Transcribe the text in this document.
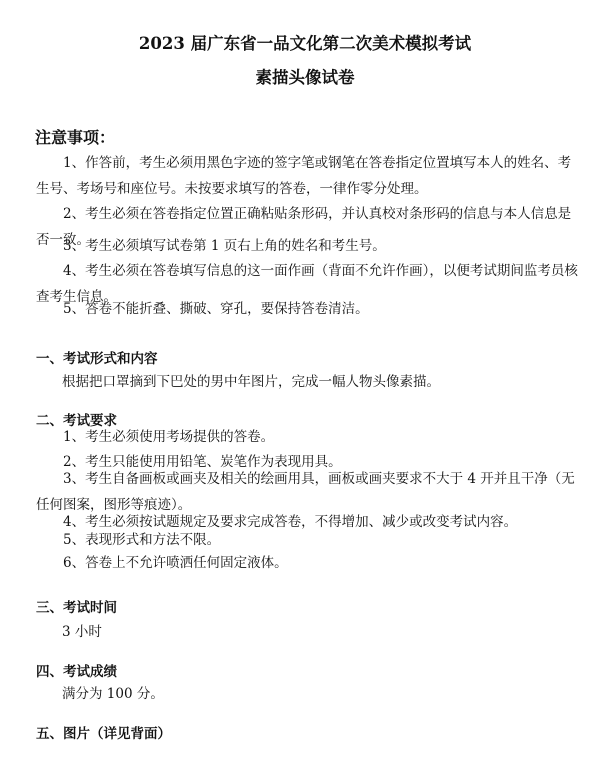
2023 届广东省一品文化第二次美术模拟考试
素描头像试卷
注意事项：
1、作答前，考生必须用黑色字迹的签字笔或钢笔在答卷指定位置填写本人的姓名、考生号、考场号和座位号。未按要求填写的答卷，一律作零分处理。
2、考生必须在答卷指定位置正确粘贴条形码，并认真校对条形码的信息与本人信息是否一致。
3、考生必须填写试卷第 1 页右上角的姓名和考生号。
4、考生必须在答卷填写信息的这一面作画（背面不允许作画），以便考试期间监考员核查考生信息。
5、答卷不能折叠、撕破、穿孔，要保持答卷清洁。
一、考试形式和内容
根据把口罩摘到下巴处的男中年图片，完成一幅人物头像素描。
二、考试要求
1、考生必须使用考场提供的答卷。
2、考生只能使用用铅笔、炭笔作为表现用具。
3、考生自备画板或画夹及相关的绘画用具，画板或画夹要求不大于 4 开并且干净（无任何图案，图形等痕迹）。
4、考生必须按试题规定及要求完成答卷，不得增加、减少或改变考试内容。
5、表现形式和方法不限。
6、答卷上不允许喷洒任何固定液体。
三、考试时间
3 小时
四、考试成绩
满分为 100 分。
五、图片（详见背面）
